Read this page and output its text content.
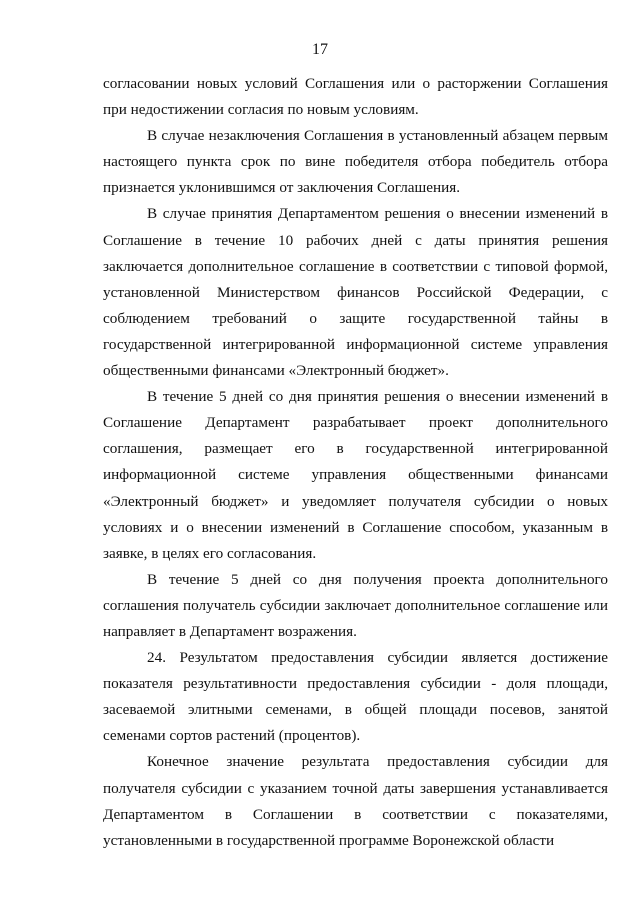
17

согласовании новых условий Соглашения или о расторжении Соглашения при недостижении согласия по новым условиям.

В случае незаключения Соглашения в установленный абзацем первым настоящего пункта срок по вине победителя отбора победитель отбора признается уклонившимся от заключения Соглашения.

В случае принятия Департаментом решения о внесении изменений в Соглашение в течение 10 рабочих дней с даты принятия решения заключается дополнительное соглашение в соответствии с типовой формой, установленной Министерством финансов Российской Федерации, с соблюдением требований о защите государственной тайны в государственной интегрированной информационной системе управления общественными финансами «Электронный бюджет».

В течение 5 дней со дня принятия решения о внесении изменений в Соглашение Департамент разрабатывает проект дополнительного соглашения, размещает его в государственной интегрированной информационной системе управления общественными финансами «Электронный бюджет» и уведомляет получателя субсидии о новых условиях и о внесении изменений в Соглашение способом, указанным в заявке, в целях его согласования.

В течение 5 дней со дня получения проекта дополнительного соглашения получатель субсидии заключает дополнительное соглашение или направляет в Департамент возражения.

24. Результатом предоставления субсидии является достижение показателя результативности предоставления субсидии - доля площади, засеваемой элитными семенами, в общей площади посевов, занятой семенами сортов растений (процентов).

Конечное значение результата предоставления субсидии для получателя субсидии с указанием точной даты завершения устанавливается Департаментом в Соглашении в соответствии с показателями, установленными в государственной программе Воронежской области
